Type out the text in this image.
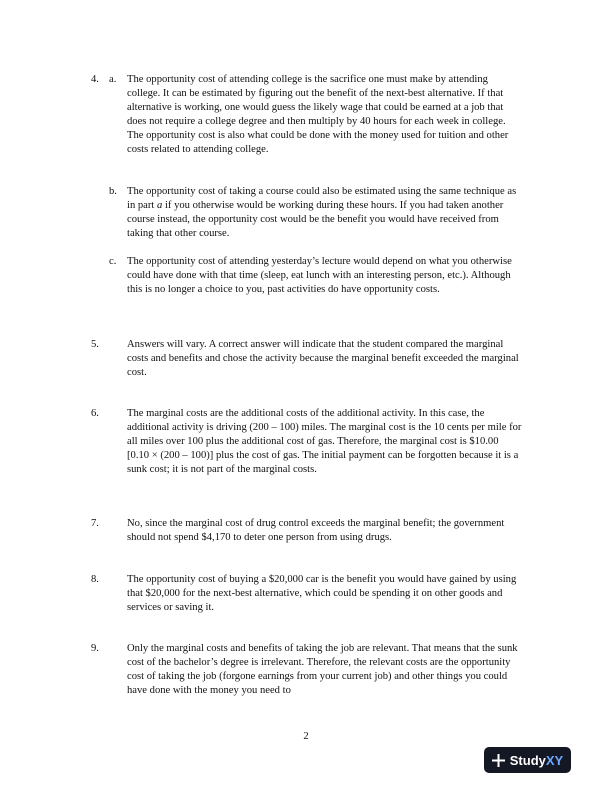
4. a. The opportunity cost of attending college is the sacrifice one must make by attending college. It can be estimated by figuring out the benefit of the next-best alternative. If that alternative is working, one would guess the likely wage that could be earned at a job that does not require a college degree and then multiply by 40 hours for each week in college. The opportunity cost is also what could be done with the money used for tuition and other costs related to attending college.

b. The opportunity cost of taking a course could also be estimated using the same technique as in part a if you otherwise would be working during these hours. If you had taken another course instead, the opportunity cost would be the benefit you would have received from taking that other course.

c. The opportunity cost of attending yesterday’s lecture would depend on what you otherwise could have done with that time (sleep, eat lunch with an interesting person, etc.). Although this is no longer a choice to you, past activities do have opportunity costs.

5.	Answers will vary. A correct answer will indicate that the student compared the marginal costs and benefits and chose the activity because the marginal benefit exceeded the marginal cost.

6.	The marginal costs are the additional costs of the additional activity. In this case, the additional activity is driving (200 – 100) miles. The marginal cost is the 10 cents per mile for all miles over 100 plus the additional cost of gas. Therefore, the marginal cost is $10.00 [0.10 × (200 – 100)] plus the cost of gas. The initial payment can be forgotten because it is a sunk cost; it is not part of the marginal costs.

7.	No, since the marginal cost of drug control exceeds the marginal benefit; the government should not spend $4,170 to deter one person from using drugs.

8.	The opportunity cost of buying a $20,000 car is the benefit you would have gained by using that $20,000 for the next-best alternative, which could be spending it on other goods and services or saving it.

9.	Only the marginal costs and benefits of taking the job are relevant. That means that the sunk cost of the bachelor’s degree is irrelevant. Therefore, the relevant costs are the opportunity cost of taking the job (forgone earnings from your current job) and other things you could have done with the money you need to

2
StudyXY
